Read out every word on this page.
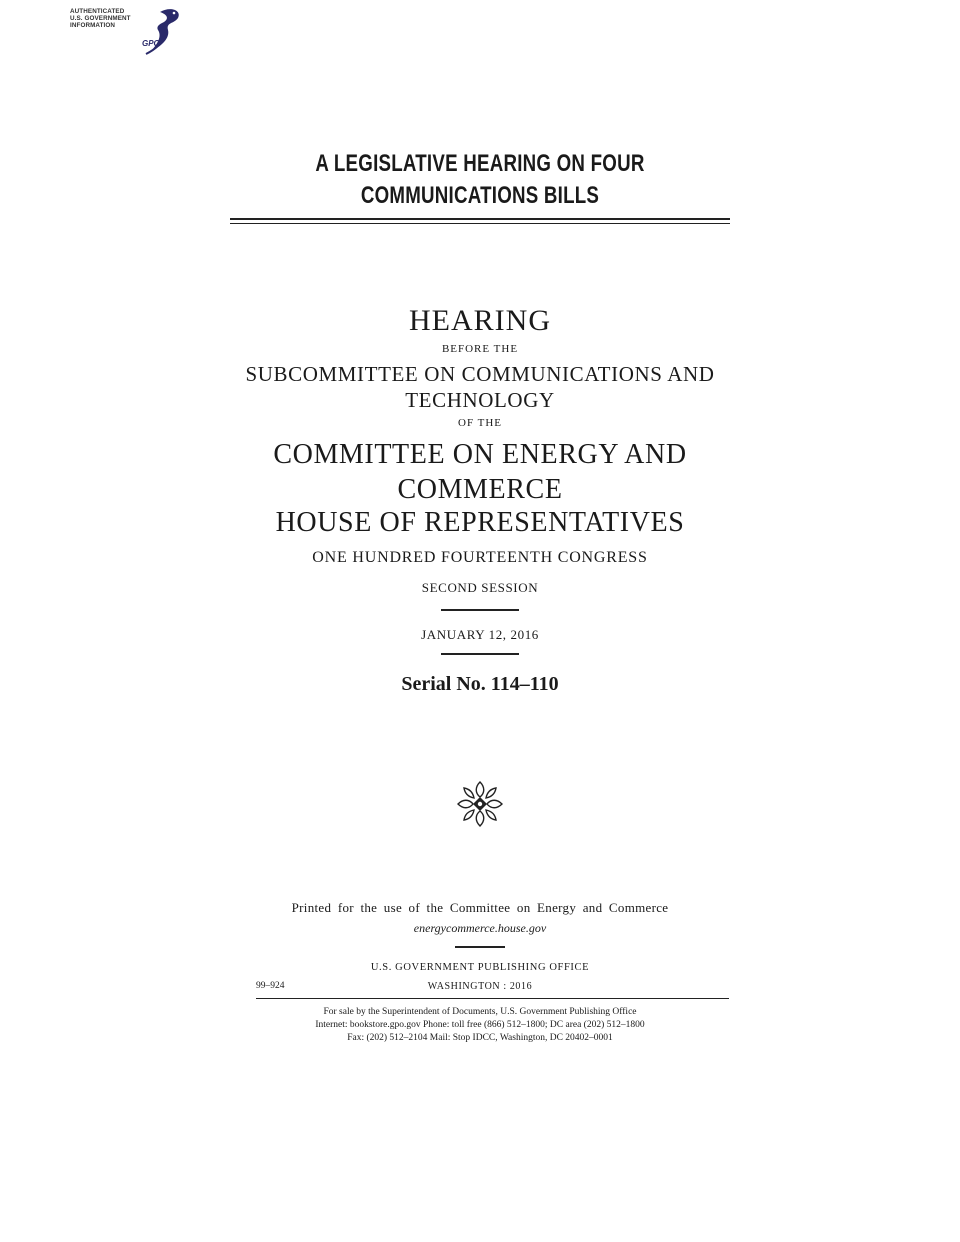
AUTHENTICATED
U.S. GOVERNMENT
INFORMATION
GPO
A LEGISLATIVE HEARING ON FOUR
COMMUNICATIONS BILLS
HEARING
BEFORE THE
SUBCOMMITTEE ON COMMUNICATIONS AND
TECHNOLOGY
OF THE
COMMITTEE ON ENERGY AND
COMMERCE
HOUSE OF REPRESENTATIVES
ONE HUNDRED FOURTEENTH CONGRESS
SECOND SESSION
JANUARY 12, 2016
Serial No. 114–110
Printed for the use of the Committee on Energy and Commerce
energycommerce.house.gov
U.S. GOVERNMENT PUBLISHING OFFICE
99–924	WASHINGTON : 2016
For sale by the Superintendent of Documents, U.S. Government Publishing Office
Internet: bookstore.gpo.gov Phone: toll free (866) 512–1800; DC area (202) 512–1800
Fax: (202) 512–2104 Mail: Stop IDCC, Washington, DC 20402–0001
